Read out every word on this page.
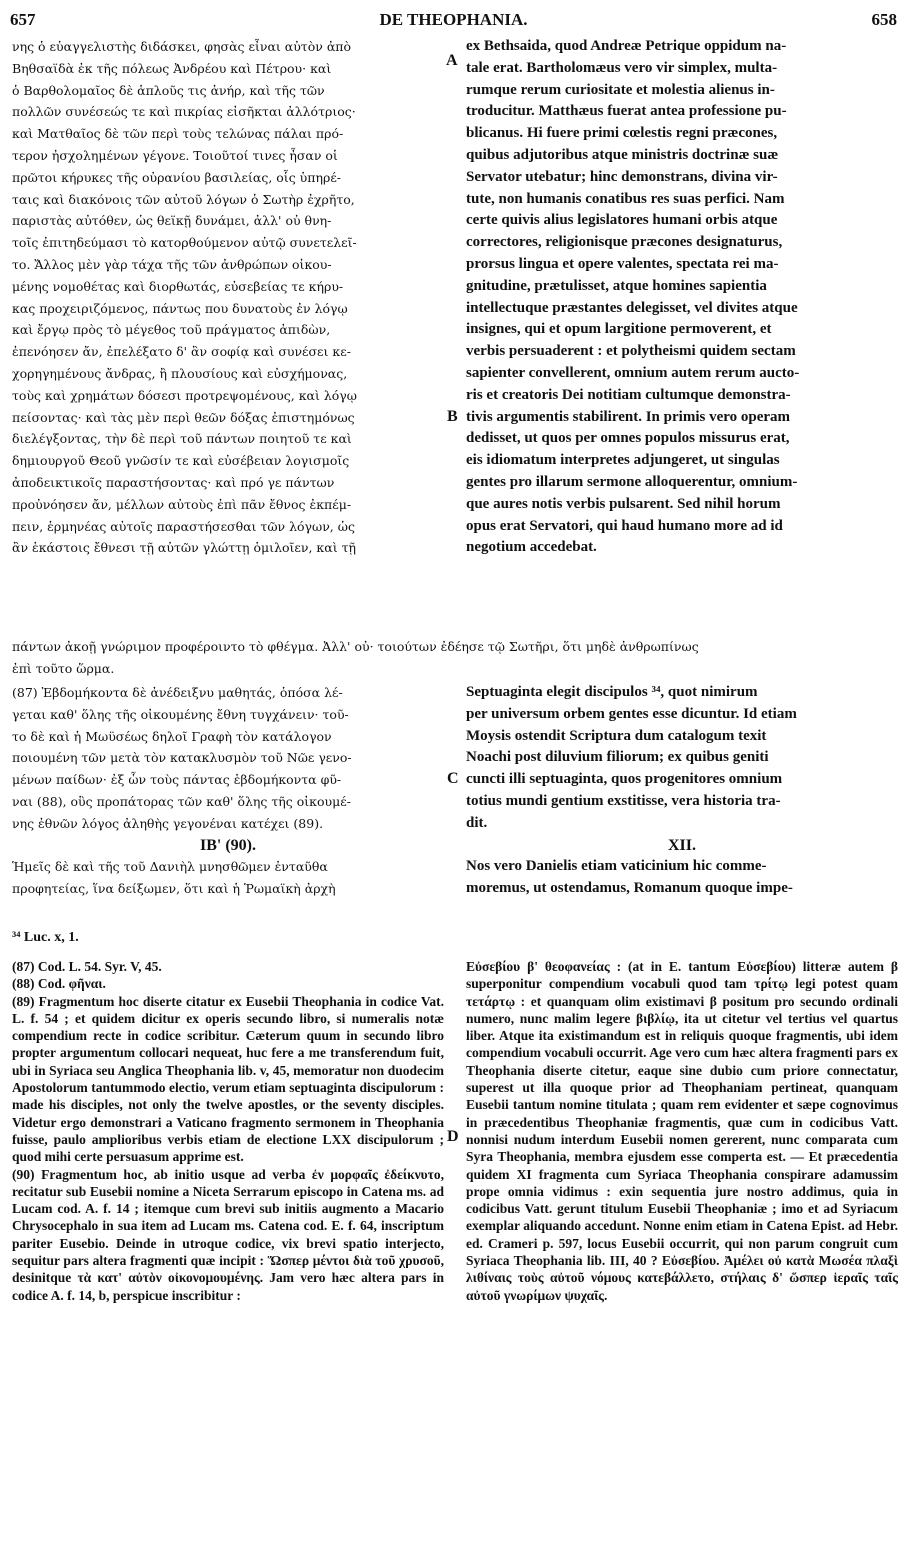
657	DE THEOPHANIA.	658
νης ὁ εὐαγγελιστὴς διδάσκει, φησὰς εἶναι αὐτὸν ἀπὸ
Βηθσαϊδὰ ἐκ τῆς πόλεως Ἀνδρέου καὶ Πέτρου· καὶ
ὁ Βαρθολομαῖος δὲ ἁπλοῦς τις ἀνήρ, καὶ τῆς τῶν
πολλῶν συνέσεώς τε καὶ πικρίας εἰσῆκται ἀλλότριος·
καὶ Ματθαῖος δὲ τῶν περὶ τοὺς τελώνας πάλαι πρό-
τερον ἠσχολημένων γέγονε. Τοιοῦτοί τινες ἦσαν οἱ
πρῶτοι κήρυκες τῆς οὐρανίου βασιλείας, οἷς ὑπηρέ-
ταις καὶ διακόνοις τῶν αὐτοῦ λόγων ὁ Σωτὴρ ἐχρῆτο,
παριστὰς αὐτόθεν, ὡς θεϊκῇ δυνάμει, ἀλλ' οὐ θνη-
τοῖς ἐπιτηδεύμασι τὸ κατορθούμενον αὐτῷ συνετελεῖ-
το. Ἄλλος μὲν γὰρ τάχα τῆς τῶν ἀνθρώπων οἰκου-
μένης νομοθέτας καὶ διορθωτάς, εὐσεβείας τε κήρυ-
κας προχειριζόμενος, πάντως που δυνατοὺς ἐν λόγῳ
καὶ ἔργῳ πρὸς τὸ μέγεθος τοῦ πράγματος ἀπιδὼν,
ἐπενόησεν ἄν, ἐπελέξατο δ' ἂν σοφίᾳ καὶ συνέσει κε-
χορηγημένους ἄνδρας, ἢ πλουσίους καὶ εὐσχήμονας,
τοὺς καὶ χρημάτων δόσεσι προτρεψομένους, καὶ λόγῳ
πείσοντας· καὶ τὰς μὲν περὶ θεῶν δόξας ἐπιστημόνως
διελέγξοντας, τὴν δὲ περὶ τοῦ πάντων ποιητοῦ τε καὶ
δημιουργοῦ Θεοῦ γνῶσίν τε καὶ εὐσέβειαν λογισμοῖς
ἀποδεικτικοῖς παραστήσοντας· καὶ πρό γε πάντων
προὐνόησεν ἄν, μέλλων αὐτοὺς ἐπὶ πᾶν ἔθνος ἐκπέμ-
πειν, ἑρμηνέας αὐτοῖς παραστήσεσθαι τῶν λόγων, ὡς
ἂν ἑκάστοις ἔθνεσι τῇ αὐτῶν γλώττῃ ὁμιλοῖεν, καὶ τῇ
ex Bethsaida, quod Andreæ Petrique oppidum na-
tale erat. Bartholomæus vero vir simplex, multa-
rumque rerum curiositate et molestia alienus in-
troducitur. Matthæus fuerat antea professione pu-
blicanus. Hi fuere primi cœlestis regni præcones,
quibus adjutoribus atque ministris doctrinæ suæ
Servator utebatur; hinc demonstrans, divina vir-
tute, non humanis conatibus res suas perfici. Nam
certe quivis alius legislatores humani orbis atque
correctores, religionisque præcones designaturus,
prorsus lingua et opere valentes, spectata rei ma-
gnitudine, prætulisset, atque homines sapientia
intellectuque præstantes delegisset, vel divites atque
insignes, qui et opum largitione permoverent, et
verbis persuaderent : et polytheismi quidem sectam
sapienter convellerent, omnium autem rerum aucto-
ris et creatoris Dei notitiam cultumque demonstra-
tivis argumentis stabilirent. In primis vero operam
dedisset, ut quos per omnes populos missurus erat,
eis idiomatum interpretes adjungeret, ut singulas
gentes pro illarum sermone alloquerentur, omnium-
que aures notis verbis pulsarent. Sed nihil horum
opus erat Servatori, qui haud humano more ad id
negotium accedebat.
A
B
C
D
πάντων ἀκοῇ γνώριμον προφέροιντο τὸ φθέγμα. Ἀλλ' οὐ· τοιούτων ἐδέησε τῷ Σωτῆρι, ὅτι μηδὲ ἀνθρωπίνως
ἐπὶ τοῦτο ὥρμα.
(87) Ἑβδομήκοντα δὲ ἀνέδειξνυ μαθητάς, ὁπόσα λέ-
γεται καθ' ὅλης τῆς οἰκουμένης ἔθνη τυγχάνειν· τοῦ-
το δὲ καὶ ἡ Μωϋσέως δηλοῖ Γραφὴ τὸν κατάλογον
ποιουμένη τῶν μετὰ τὸν κατακλυσμὸν τοῦ Νῶε γενο-
μένων παίδων· ἐξ ὧν τοὺς πάντας ἑβδομήκοντα φῦ-
ναι (88), οὓς προπάτορας τῶν καθ' ὅλης τῆς οἰκουμέ-
νης ἐθνῶν λόγος ἀληθὴς γεγονέναι κατέχει (89).
ΙΒ' (90).
Ἡμεῖς δὲ καὶ τῆς τοῦ Δανιὴλ μνησθῶμεν ἐνταῦθα
προφητείας, ἵνα δείξωμεν, ὅτι καὶ ἡ Ῥωμαϊκὴ ἀρχὴ
Septuaginta elegit discipulos ³⁴, quot nimirum
per universum orbem gentes esse dicuntur. Id etiam
Moysis ostendit Scriptura dum catalogum texit
Noachi post diluvium filiorum; ex quibus geniti
cuncti illi septuaginta, quos progenitores omnium
totius mundi gentium exstitisse, vera historia tra-
dit.
XII.
Nos vero Danielis etiam vaticinium hic comme-
moremus, ut ostendamus, Romanum quoque impe-
³⁴ Luc. x, 1.

(87) Cod. L. 54. Syr. V, 45.

(88) Cod. φῆναι.

(89) Fragmentum hoc diserte citatur ex Eusebii Theophania in codice Vat. L. f. 54 ; et quidem dicitur ex operis secundo libro, si numeralis notæ compendium recte in codice scribitur. Cæterum quum in secundo libro propter argumentum collocari nequeat, huc fere a me transferendum fuit, ubi in Syriaca seu Anglica Theophania lib. v, 45, memoratur non duodecim Apostolorum tantummodo electio, verum etiam septuaginta discipulorum : made his disciples, not only the twelve apostles, or the seventy disciples. Videtur ergo demonstrari a Vaticano fragmento sermonem in Theophania fuisse, paulo amplioribus verbis etiam de electione LXX discipulorum ; quod mihi certe persuasum apprime est.

(90) Fragmentum hoc, ab initio usque ad verba ἐν μορφαῖς ἐδείκνυτο, recitatur sub Eusebii nomine a Niceta Serrarum episcopo in Catena ms. ad Lucam cod. A. f. 14 ; itemque cum brevi sub initiis augmento a Macario Chrysocephalo in sua item ad Lucam ms. Catena cod. E. f. 64, inscriptum pariter Eusebio. Deinde in utroque codice, vix brevi spatio interjecto, sequitur pars altera fragmenti quæ incipit : Ὥσπερ μέντοι διὰ τοῦ χρυσοῦ, desinitque τὰ κατ' αὐτὸν οἰκονομουμένης. Jam vero hæc altera pars in codice A. f. 14, b, perspicue inscribitur :

Εὐσεβίου β' θεοφανείας : (at in E. tantum Εὐσεβίου) litteræ autem β superponitur compendium vocabuli quod tam τρίτῳ legi potest quam τετάρτῳ : et quanquam olim existimavi β positum pro secundo ordinali numero, nunc malim legere βιβλίῳ, ita ut citetur vel tertius vel quartus liber. Atque ita existimandum est in reliquis quoque fragmentis, ubi idem compendium vocabuli occurrit. Age vero cum hæc altera fragmenti pars ex Theophania diserte citetur, eaque sine dubio cum priore connectatur, superest ut illa quoque prior ad Theophaniam pertineat, quanquam Eusebii tantum nomine titulata ; quam rem evidenter et sæpe cognovimus in præcedentibus Theophaniæ fragmentis, quæ cum in codicibus Vatt. nonnisi nudum interdum Eusebii nomen gererent, nunc comparata cum Syra Theophania, membra ejusdem esse comperta est. — Et præcedentia quidem XI fragmenta cum Syriaca Theophania conspirare adamussim prope omnia vidimus : exin sequentia jure nostro addimus, quia in codicibus Vatt. gerunt titulum Eusebii Theophaniæ ; imo et ad Syriacum exemplar aliquando accedunt. Nonne enim etiam in Catena Epist. ad Hebr. ed. Crameri p. 597, locus Eusebii occurrit, qui non parum congruit cum Syriaca Theophania lib. III, 40 ? Εὐσεβίου. Ἀμέλει οὐ κατὰ Μωσέα πλαξὶ λιθίναις τοὺς αὐτοῦ νόμους κατεβάλλετο, στήλαις δ' ὥσπερ ἱεραῖς ταῖς αὐτοῦ γνωρίμων ψυχαῖς.
